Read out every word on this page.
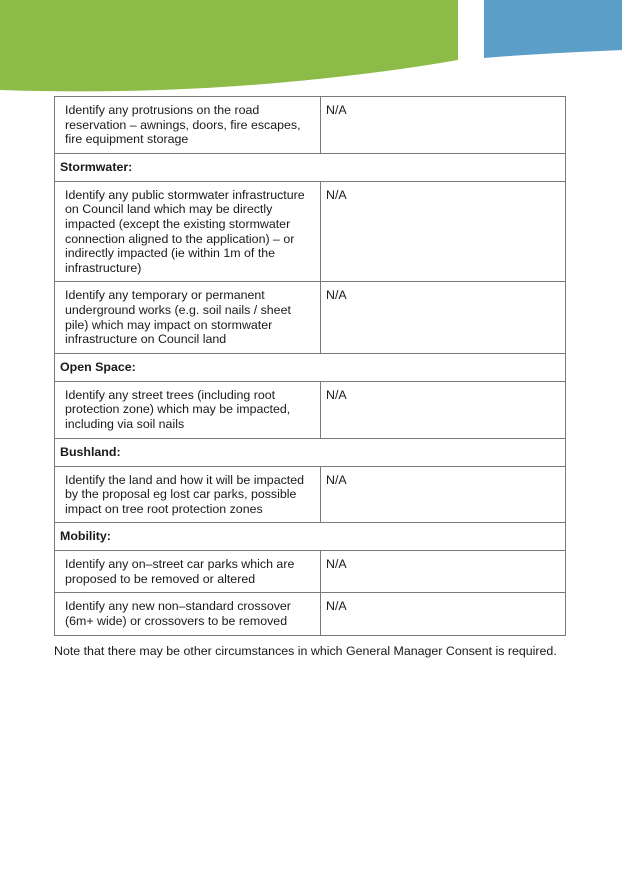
Identify any protrusions on the road reservation – awnings, doors, fire escapes, fire equipment storage	N/A
Stormwater:	
Identify any public stormwater infrastructure on Council land which may be directly impacted (except the existing stormwater connection aligned to the application) – or indirectly impacted (ie within 1m of the infrastructure)	N/A
Identify any temporary or permanent underground works (e.g. soil nails / sheet pile) which may impact on stormwater infrastructure on Council land	N/A
Open Space:	
Identify any street trees (including root protection zone) which may be impacted, including via soil nails	N/A
Bushland:	
Identify the land and how it will be impacted by the proposal eg lost car parks, possible impact on tree root protection zones	N/A
Mobility:	
Identify any on–street car parks which are proposed to be removed or altered	N/A
Identify any new non–standard crossover (6m+ wide) or crossovers to be removed	N/A
Note that there may be other circumstances in which General Manager Consent is required.
